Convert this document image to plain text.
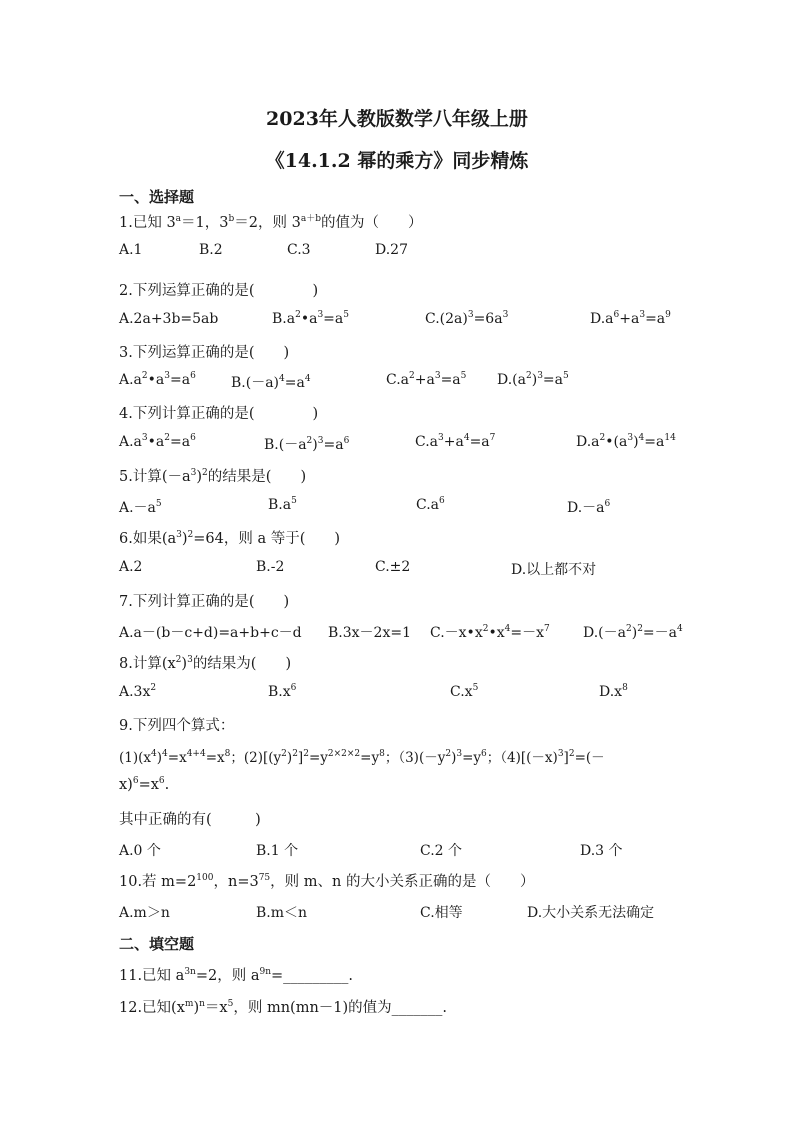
2023年人教版数学八年级上册
《14.1.2 幂的乘方》同步精炼
一、选择题
1.已知 $3^a=1$，$3^b=2$，则 $3^{a+b}$的值为（　　）
A.1	B.2	C.3	D.27
2.下列运算正确的是(　　　　)
A.2a+3b=5ab	$B.a^2•a^3=a^5$	$C.(2a)^3=6a^3$	$D.a^6+a^3=a^9$
3.下列运算正确的是(　　)
$A.a^2•a^3=a^6$	$B.(-a)^4=a^4$	$C.a^2+a^3=a^5$ $D.(a^2)^3=a^5$
4.下列计算正确的是(　　　　)
$A.a^3•a^2=a^6$	$B.(-a^2)^3=a^6$	$C.a^3+a^4=a^7$	$D.a^2•(a^3)^4=a^{14}$
5.计算$(-a^3)^2$的结果是(　　)
$A.-a^5$	$B.a^5$	$C.a^6$	$D.-a^6$
6.如果$(a^3)^2=64$，则 a 等于(　　)
A.2	B.-2	C.±2	D.以上都不对
7.下列计算正确的是(　　)
A.a－(b－c+d)=a+b+c－d B.3x－2x=1 $C.-x•x^2•x^4=-x^7$ $D.(-a^2)^2=-a^4$
8.计算$(x^2)^3$的结果为(　　)
$A.3x^2$	$B.x^6$	$C.x^5$	$D.x^8$
9.下列四个算式：
$(1)(x^4)^4=x^{4+4}=x^8$；$(2)[(y^2)^2]^2=y^{2\times 2\times 2}=y^8$；$(3)(-y^2)^3=y^6$；$(4)[(-x)^3]^2=(-$
$x)^6=x^6$.
其中正确的有(　　　)
A.0 个	B.1 个	C.2 个	D.3 个
10.若 $m=2^{100}$，$n=3^{75}$，则 m、n 的大小关系正确的是（　　）
A.m＞n	B.m＜n	C.相等	D.大小关系无法确定
二、填空题
11.已知 $a^{3n}=2$，则 $a^{9n}=\_\_\_\_\_\_\_\_\_$.
12.已知$(x^m)^n=x^5$，则 mn(mn－1)的值为_______.
